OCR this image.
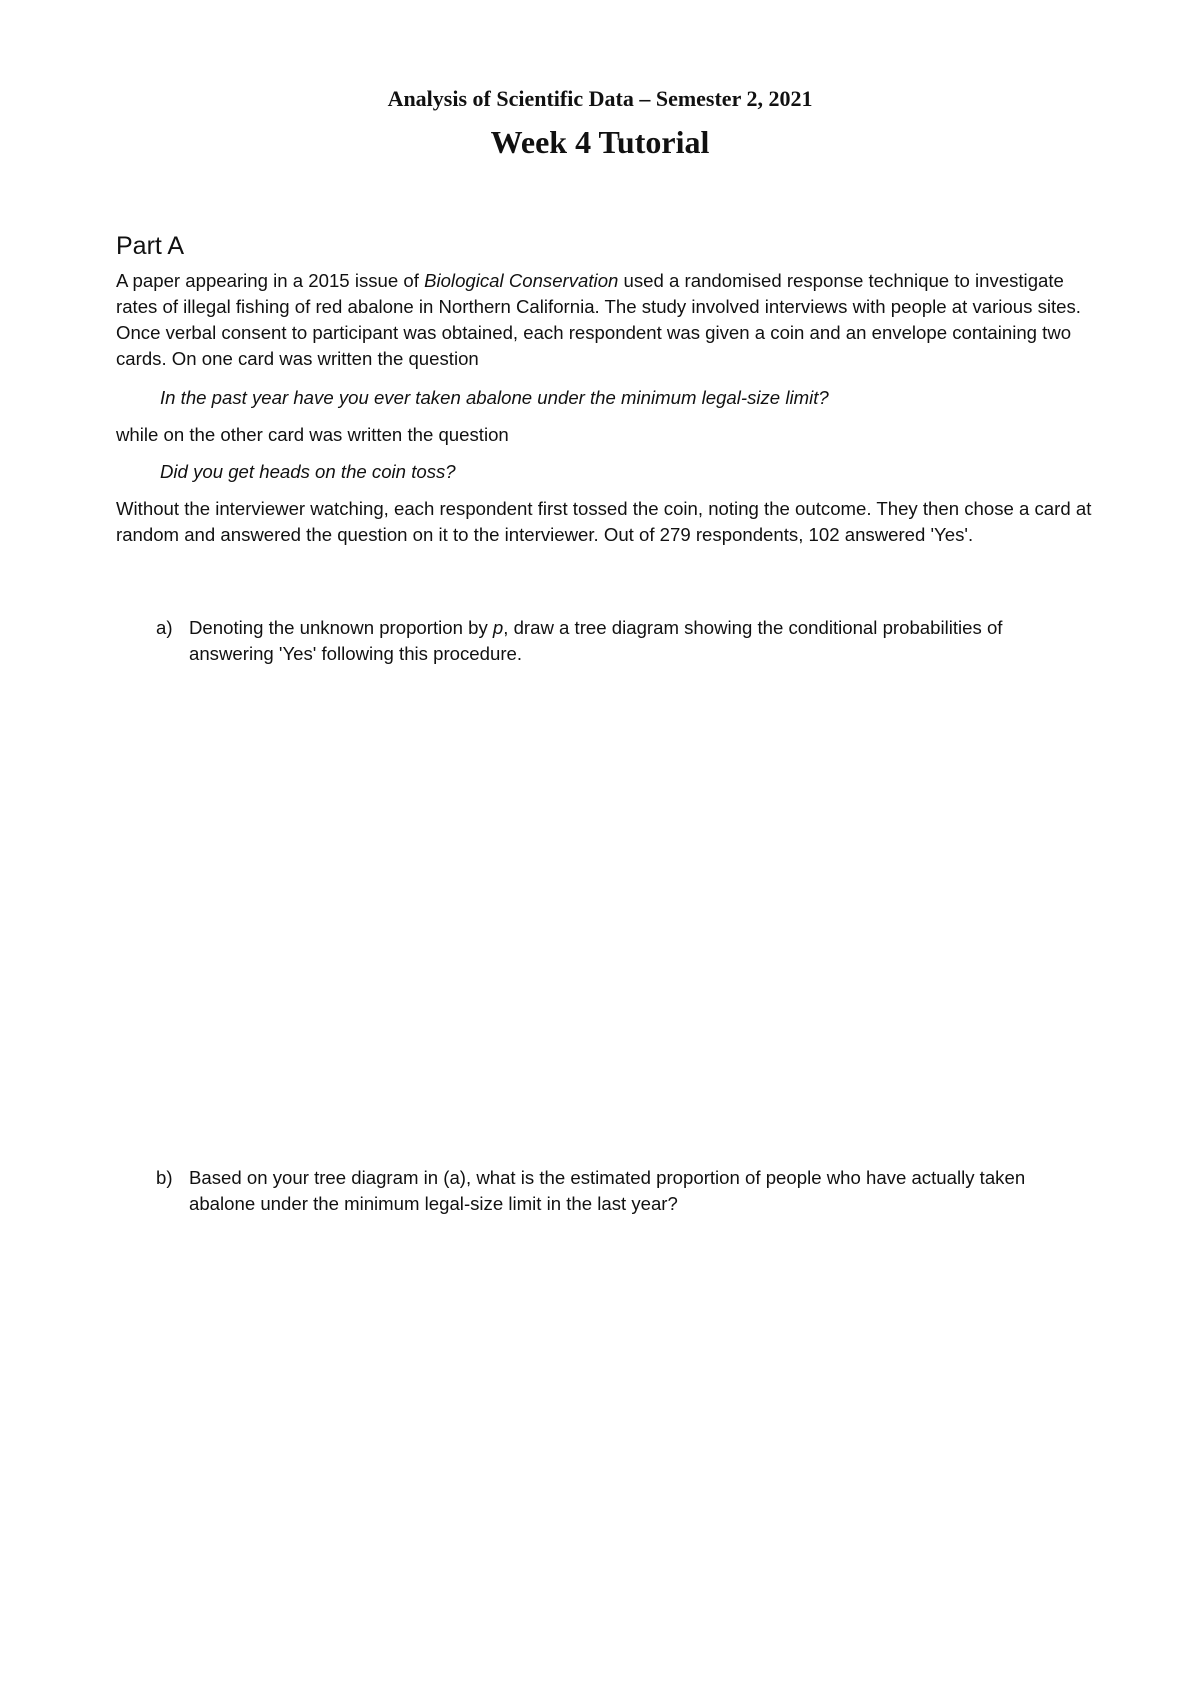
Analysis of Scientific Data – Semester 2, 2021
Week 4 Tutorial
Part A
A paper appearing in a 2015 issue of Biological Conservation used a randomised response technique to investigate rates of illegal fishing of red abalone in Northern California. The study involved interviews with people at various sites. Once verbal consent to participant was obtained, each respondent was given a coin and an envelope containing two cards. On one card was written the question
In the past year have you ever taken abalone under the minimum legal-size limit?
while on the other card was written the question
Did you get heads on the coin toss?
Without the interviewer watching, each respondent first tossed the coin, noting the outcome. They then chose a card at random and answered the question on it to the interviewer. Out of 279 respondents, 102 answered 'Yes'.
a) Denoting the unknown proportion by p, draw a tree diagram showing the conditional probabilities of answering 'Yes' following this procedure.
b) Based on your tree diagram in (a), what is the estimated proportion of people who have actually taken abalone under the minimum legal-size limit in the last year?
